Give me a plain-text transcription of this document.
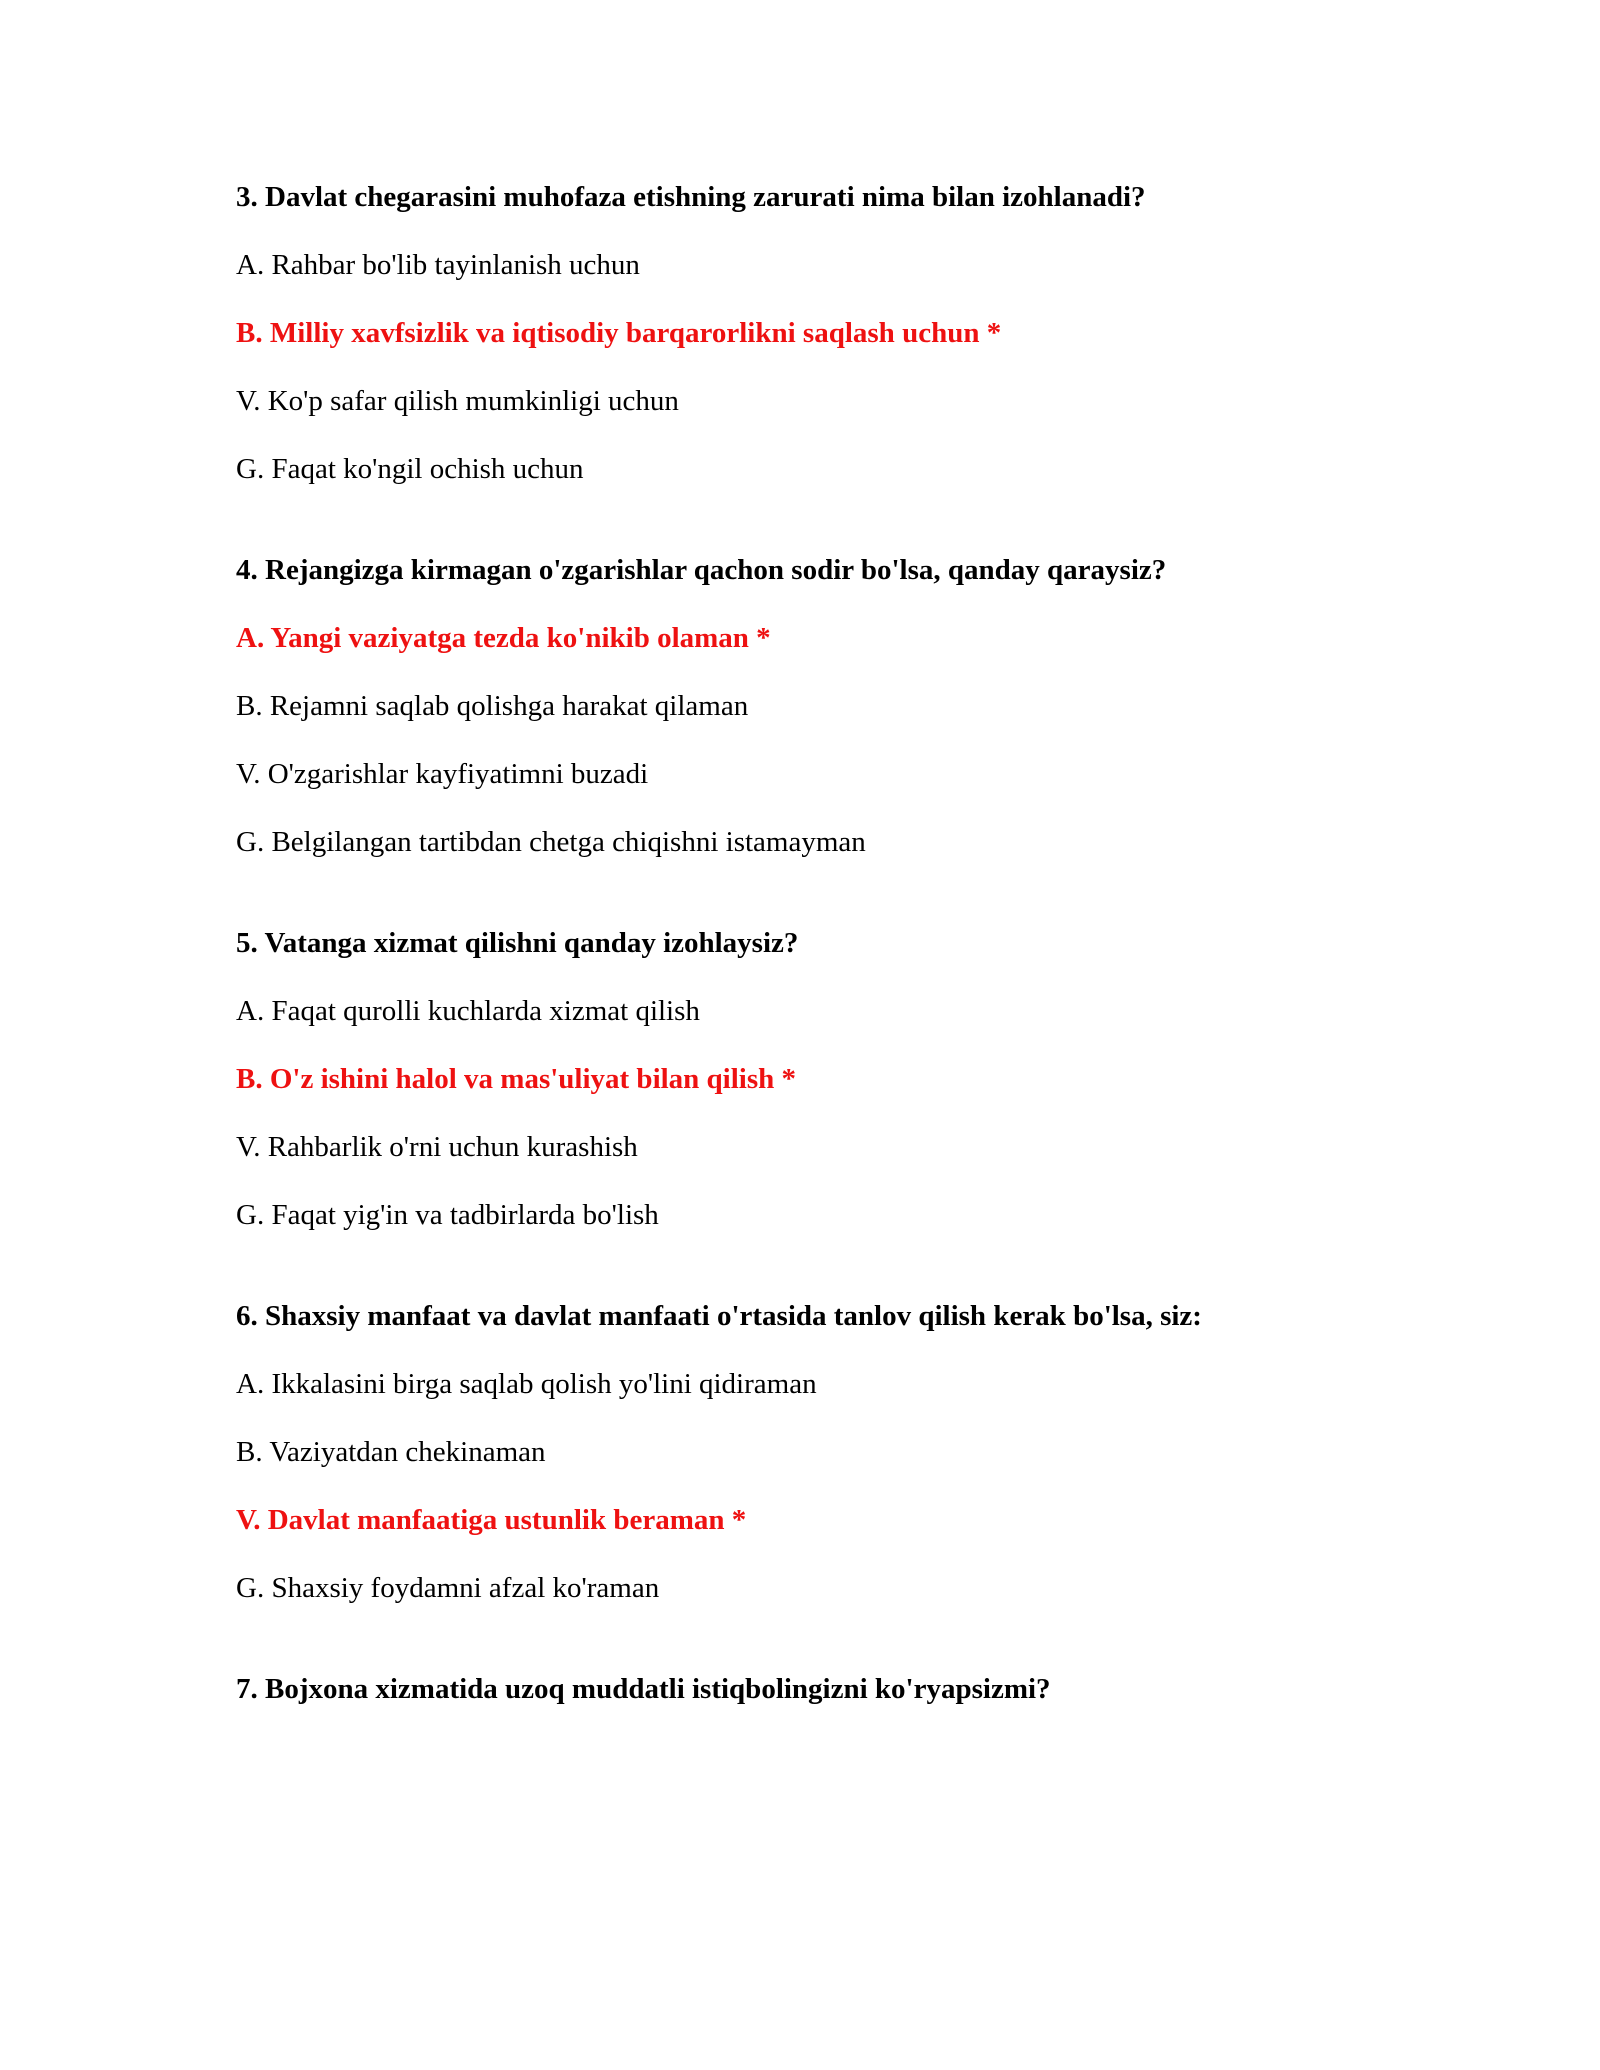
3. Davlat chegarasini muhofaza etishning zarurati nima bilan izohlanadi?
A. Rahbar bo'lib tayinlanish uchun
B. Milliy xavfsizlik va iqtisodiy barqarorlikni saqlash uchun *
V. Ko'p safar qilish mumkinligi uchun
G. Faqat ko'ngil ochish uchun
4. Rejangizga kirmagan o'zgarishlar qachon sodir bo'lsa, qanday qaraysiz?
A. Yangi vaziyatga tezda ko'nikib olaman *
B. Rejamni saqlab qolishga harakat qilaman
V. O'zgarishlar kayfiyatimni buzadi
G. Belgilangan tartibdan chetga chiqishni istamayman
5. Vatanga xizmat qilishni qanday izohlaysiz?
A. Faqat qurolli kuchlarda xizmat qilish
B. O'z ishini halol va mas'uliyat bilan qilish *
V. Rahbarlik o'rni uchun kurashish
G. Faqat yig'in va tadbirlarda bo'lish
6. Shaxsiy manfaat va davlat manfaati o'rtasida tanlov qilish kerak bo'lsa, siz:
A. Ikkalasini birga saqlab qolish yo'lini qidiraman
B. Vaziyatdan chekinaman
V. Davlat manfaatiga ustunlik beraman *
G. Shaxsiy foydamni afzal ko'raman
7. Bojxona xizmatida uzoq muddatli istiqbolingizni ko'ryapsizmi?
